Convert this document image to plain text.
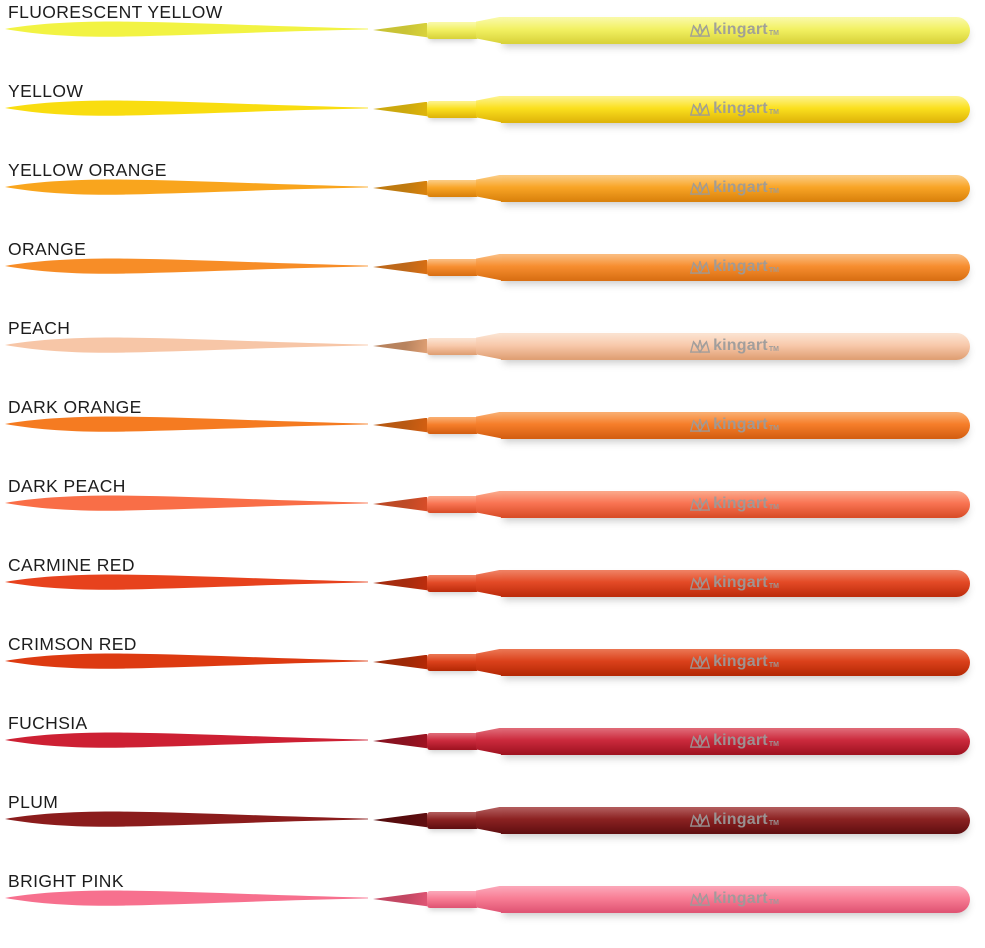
FLUORESCENT YELLOW
kingart TM
YELLOW
kingart TM
YELLOW ORANGE
kingart TM
ORANGE
kingart TM
PEACH
kingart TM
DARK ORANGE
kingart TM
DARK PEACH
kingart TM
CARMINE RED
kingart TM
CRIMSON RED
kingart TM
FUCHSIA
kingart TM
PLUM
kingart TM
BRIGHT PINK
kingart TM
